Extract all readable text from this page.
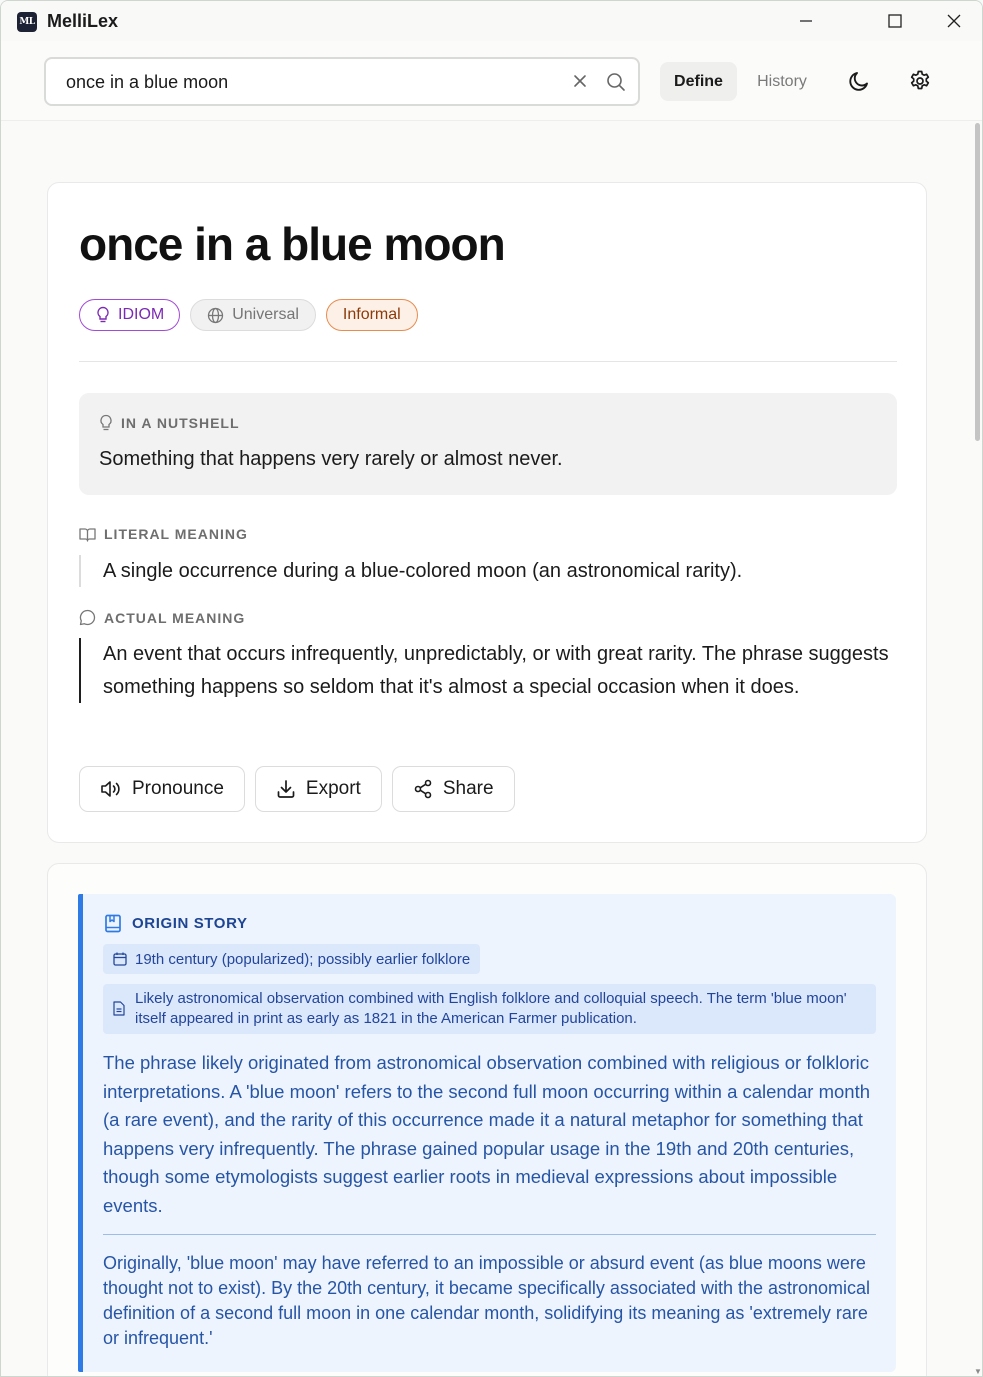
ML MelliLex
once in a blue moon
Define	History
▼
once in a blue moon
IDIOM	Universal	Informal
IN A NUTSHELL
Something that happens very rarely or almost never.
LITERAL MEANING
A single occurrence during a blue-colored moon (an astronomical rarity).
ACTUAL MEANING
An event that occurs infrequently, unpredictably, or with great rarity. The phrase suggests something happens so seldom that it's almost a special occasion when it does.
Pronounce	Export	Share
ORIGIN STORY
19th century (popularized); possibly earlier folklore
Likely astronomical observation combined with English folklore and colloquial speech. The term 'blue moon' itself appeared in print as early as 1821 in the American Farmer publication.
The phrase likely originated from astronomical observation combined with religious or folkloric interpretations. A 'blue moon' refers to the second full moon occurring within a calendar month (a rare event), and the rarity of this occurrence made it a natural metaphor for something that happens very infrequently. The phrase gained popular usage in the 19th and 20th centuries, though some etymologists suggest earlier roots in medieval expressions about impossible events.
Originally, 'blue moon' may have referred to an impossible or absurd event (as blue moons were thought not to exist). By the 20th century, it became specifically associated with the astronomical definition of a second full moon in one calendar month, solidifying its meaning as 'extremely rare or infrequent.'
